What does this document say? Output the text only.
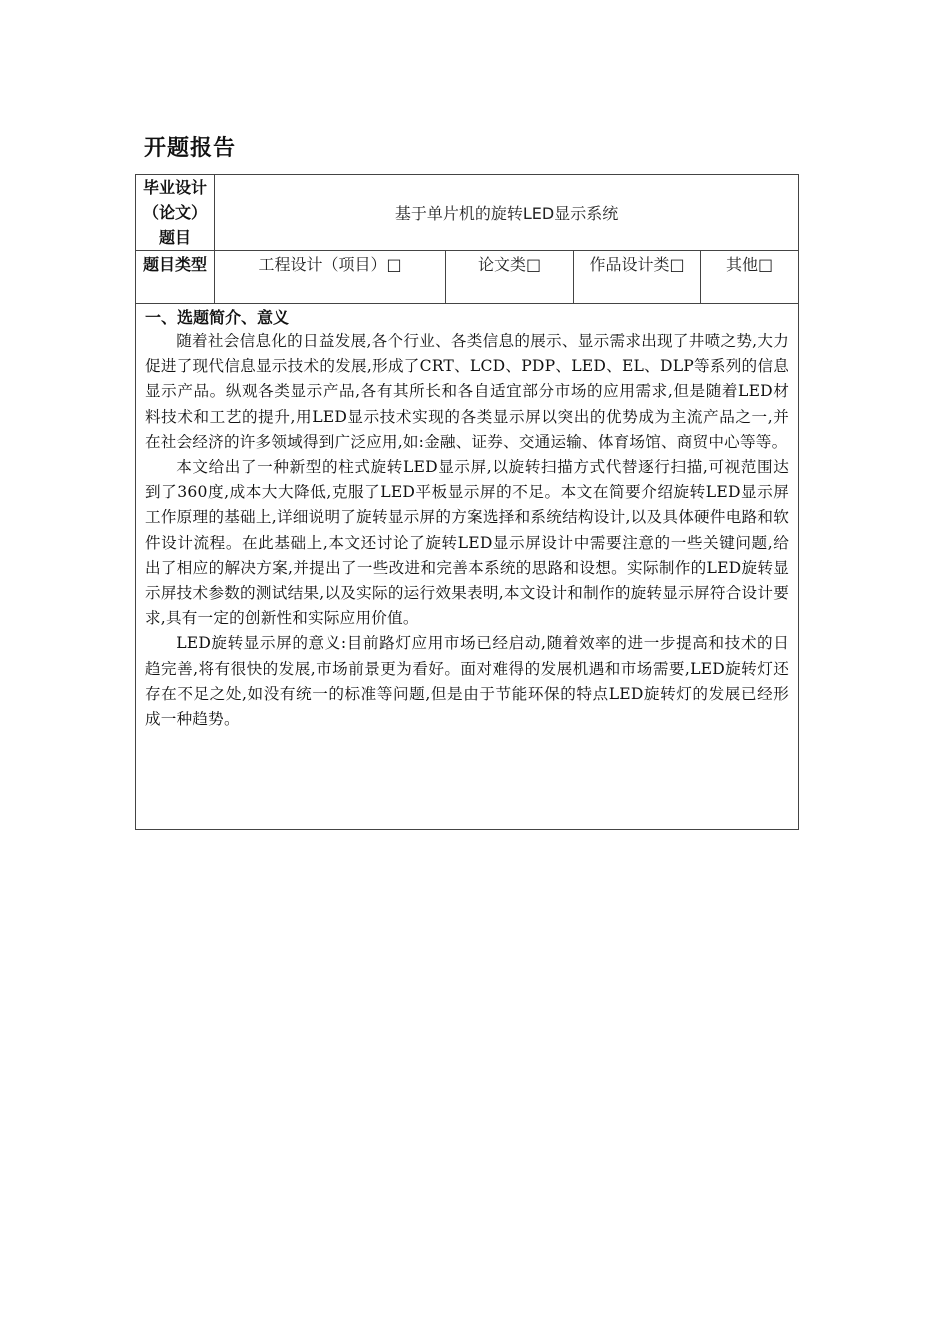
开题报告
毕业设计
（论文）
题目	基于单片机的旋转LED显示系统			
题目类型	工程设计（项目）□	论文类□	作品设计类□	其他□

一、选题简介、意义

随着社会信息化的日益发展,各个行业、各类信息的展示、显示需求出现了井喷之势,大力促进了现代信息显示技术的发展,形成了CRT、LCD、PDP、LED、EL、DLP等系列的信息显示产品。纵观各类显示产品,各有其所长和各自适宜部分市场的应用需求,但是随着LED材料技术和工艺的提升,用LED显示技术实现的各类显示屏以突出的优势成为主流产品之一,并在社会经济的许多领域得到广泛应用,如:金融、证券、交通运输、体育场馆、商贸中心等等。

本文给出了一种新型的柱式旋转LED显示屏,以旋转扫描方式代替逐行扫描,可视范围达到了360度,成本大大降低,克服了LED平板显示屏的不足。本文在简要介绍旋转LED显示屏工作原理的基础上,详细说明了旋转显示屏的方案选择和系统结构设计,以及具体硬件电路和软件设计流程。在此基础上,本文还讨论了旋转LED显示屏设计中需要注意的一些关键问题,给出了相应的解决方案,并提出了一些改进和完善本系统的思路和设想。实际制作的LED旋转显示屏技术参数的测试结果,以及实际的运行效果表明,本文设计和制作的旋转显示屏符合设计要求,具有一定的创新性和实际应用价值。

LED旋转显示屏的意义:目前路灯应用市场已经启动,随着效率的进一步提高和技术的日趋完善,将有很快的发展,市场前景更为看好。面对难得的发展机遇和市场需要,LED旋转灯还存在不足之处,如没有统一的标准等问题,但是由于节能环保的特点LED旋转灯的发展已经形成一种趋势。				
